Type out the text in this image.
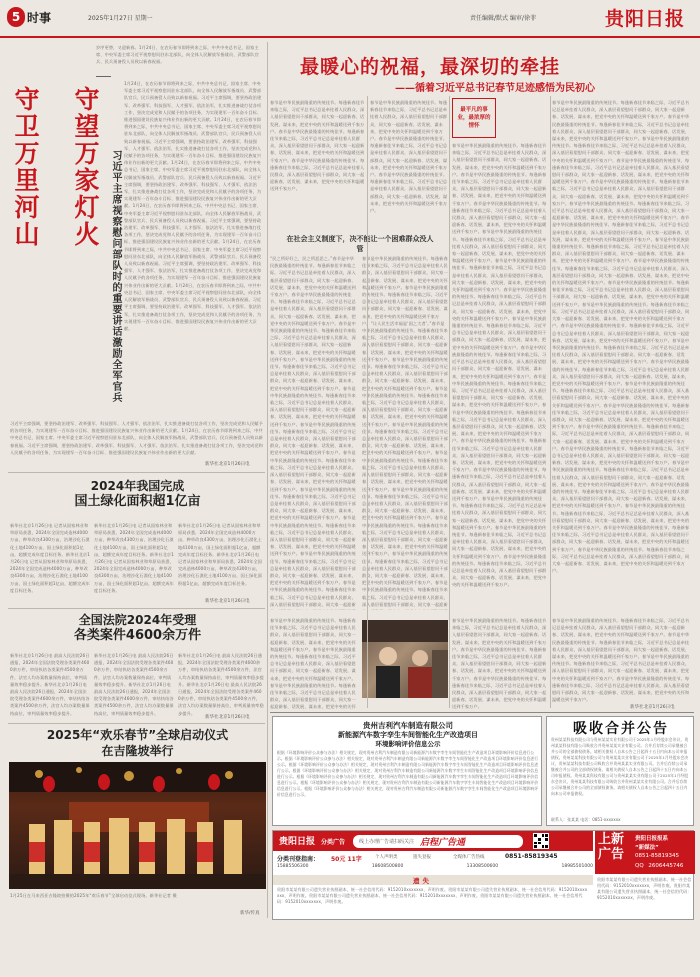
5 时事	2025年1月27日 星期一	责任编辑/默式 编审/徐菲	贵阳日报
守卫万里河山 守望万家灯火 习近平主席视察慰问部队时的重要讲话激励全军官兵
岁序更替，又迎新春。1月24日，在农历春节即将到来之际，中共中央总书记、国家主席、中央军委主席习近平视察慰问驻东北部队，向全体人民解放军指战员、武警部队官兵、民兵预备役人员致以新春祝福。
1月24日，在农历春节即将到来之际，中共中央总书记、国家主席、中央军委主席习近平视察慰问驻东北部队，向全体人民解放军指战员、武警部队官兵、民兵预备役人员致以新春祝福。习近平主席强调，要坚持政治建军、改革强军、科技强军、人才强军、依法治军，扎实推进备战打仗各项工作，坚决完成党和人民赋予的各项任务，为实现建军一百年奋斗目标、推进强国建设民族复兴伟业作出新的更大贡献。1月24日，在农历春节即将到来之际，中共中央总书记、国家主席、中央军委主席习近平视察慰问驻东北部队，向全体人民解放军指战员、武警部队官兵、民兵预备役人员致以新春祝福。习近平主席强调，要坚持政治建军、改革强军、科技强军、人才强军、依法治军，扎实推进备战打仗各项工作，坚决完成党和人民赋予的各项任务，为实现建军一百年奋斗目标、推进强国建设民族复兴伟业作出新的更大贡献。1月24日，在农历春节即将到来之际，中共中央总书记、国家主席、中央军委主席习近平视察慰问驻东北部队，向全体人民解放军指战员、武警部队官兵、民兵预备役人员致以新春祝福。习近平主席强调，要坚持政治建军、改革强军、科技强军、人才强军、依法治军，扎实推进备战打仗各项工作，坚决完成党和人民赋予的各项任务，为实现建军一百年奋斗目标、推进强国建设民族复兴伟业作出新的更大贡献。1月24日，在农历春节即将到来之际，中共中央总书记、国家主席、中央军委主席习近平视察慰问驻东北部队，向全体人民解放军指战员、武警部队官兵、民兵预备役人员致以新春祝福。习近平主席强调，要坚持政治建军、改革强军、科技强军、人才强军、依法治军，扎实推进备战打仗各项工作，坚决完成党和人民赋予的各项任务，为实现建军一百年奋斗目标、推进强国建设民族复兴伟业作出新的更大贡献。1月24日，在农历春节即将到来之际，中共中央总书记、国家主席、中央军委主席习近平视察慰问驻东北部队，向全体人民解放军指战员、武警部队官兵、民兵预备役人员致以新春祝福。习近平主席强调，要坚持政治建军、改革强军、科技强军、人才强军、依法治军，扎实推进备战打仗各项工作，坚决完成党和人民赋予的各项任务，为实现建军一百年奋斗目标、推进强国建设民族复兴伟业作出新的更大贡献。1月24日，在农历春节即将到来之际，中共中央总书记、国家主席、中央军委主席习近平视察慰问驻东北部队，向全体人民解放军指战员、武警部队官兵、民兵预备役人员致以新春祝福。习近平主席强调，要坚持政治建军、改革强军、科技强军、人才强军、依法治军，扎实推进备战打仗各项工作，坚决完成党和人民赋予的各项任务，为实现建军一百年奋斗目标、推进强国建设民族复兴伟业作出新的更大贡献。
习近平主席强调，要坚持政治建军、改革强军、科技强军、人才强军、依法治军，扎实推进备战打仗各项工作，坚决完成党和人民赋予的各项任务，为实现建军一百年奋斗目标、推进强国建设民族复兴伟业作出新的更大贡献。1月24日，在农历春节即将到来之际，中共中央总书记、国家主席、中央军委主席习近平视察慰问驻东北部队，向全体人民解放军指战员、武警部队官兵、民兵预备役人员致以新春祝福。习近平主席强调，要坚持政治建军、改革强军、科技强军、人才强军、依法治军，扎实推进备战打仗各项工作，坚决完成党和人民赋予的各项任务，为实现建军一百年奋斗目标、推进强国建设民族复兴伟业作出新的更大贡献。
新华社北京1月26日电
2024年我国完成
国土绿化面积超1亿亩
新华社北京1月26日电 记者从国家林业和草原局获悉，2024年全国完成造林4000万亩，种草改良4300万亩，治理沙化石漠化土地4100万亩，国土绿化面积超1亿亩，超额完成年度目标任务。新华社北京1月26日电 记者从国家林业和草原局获悉，2024年全国完成造林4000万亩，种草改良4300万亩，治理沙化石漠化土地4100万亩，国土绿化面积超1亿亩，超额完成年度目标任务。
新华社北京1月26日电 记者从国家林业和草原局获悉，2024年全国完成造林4000万亩，种草改良4300万亩，治理沙化石漠化土地4100万亩，国土绿化面积超1亿亩，超额完成年度目标任务。新华社北京1月26日电 记者从国家林业和草原局获悉，2024年全国完成造林4000万亩，种草改良4300万亩，治理沙化石漠化土地4100万亩，国土绿化面积超1亿亩，超额完成年度目标任务。
新华社北京1月26日电 记者从国家林业和草原局获悉，2024年全国完成造林4000万亩，种草改良4300万亩，治理沙化石漠化土地4100万亩，国土绿化面积超1亿亩，超额完成年度目标任务。新华社北京1月26日电 记者从国家林业和草原局获悉，2024年全国完成造林4000万亩，种草改良4300万亩，治理沙化石漠化土地4100万亩，国土绿化面积超1亿亩，超额完成年度目标任务。
新华社北京1月26日电
全国法院2024年受理
各类案件4600余万件
新华社北京1月26日电 最高人民法院26日通报，2024年全国法院受理各类案件4600余万件，审结执结各类案件4500余万件，法官人均办案数量保持高位，审判质量效率稳步提升。新华社北京1月26日电 最高人民法院26日通报，2024年全国法院受理各类案件4600余万件，审结执结各类案件4500余万件，法官人均办案数量保持高位，审判质量效率稳步提升。
新华社北京1月26日电 最高人民法院26日通报，2024年全国法院受理各类案件4600余万件，审结执结各类案件4500余万件，法官人均办案数量保持高位，审判质量效率稳步提升。新华社北京1月26日电 最高人民法院26日通报，2024年全国法院受理各类案件4600余万件，审结执结各类案件4500余万件，法官人均办案数量保持高位，审判质量效率稳步提升。
新华社北京1月26日电 最高人民法院26日通报，2024年全国法院受理各类案件4600余万件，审结执结各类案件4500余万件，法官人均办案数量保持高位，审判质量效率稳步提升。新华社北京1月26日电 最高人民法院26日通报，2024年全国法院受理各类案件4600余万件，审结执结各类案件4500余万件，法官人均办案数量保持高位，审判质量效率稳步提升。
新华社北京1月26日电
2025年“欢乐春节”全球启动仪式
在吉隆坡举行
1月25日在马来西亚吉隆坡拍摄的2025年“欢乐春节”全球启动仪式现场。新华社记者 摄
新华/传真
最暖心的祝福，最深切的牵挂
——循着习近平总书记春节足迹感悟为民初心
春节是中华民族最隆重的传统佳节。每逢新春佳节来临之际，习近平总书记总是牵挂着人民群众，深入基层看望慰问干部群众，同大家一起迎新春、话发展、谋未来，把党中央的关怀和温暖送到千家万户。春节是中华民族最隆重的传统佳节。每逢新春佳节来临之际，习近平总书记总是牵挂着人民群众，深入基层看望慰问干部群众，同大家一起迎新春、话发展、谋未来，把党中央的关怀和温暖送到千家万户。春节是中华民族最隆重的传统佳节。每逢新春佳节来临之际，习近平总书记总是牵挂着人民群众，深入基层看望慰问干部群众，同大家一起迎新春、话发展、谋未来，把党中央的关怀和温暖送到千家万户。
春节是中华民族最隆重的传统佳节。每逢新春佳节来临之际，习近平总书记总是牵挂着人民群众，深入基层看望慰问干部群众，同大家一起迎新春、话发展、谋未来，把党中央的关怀和温暖送到千家万户。春节是中华民族最隆重的传统佳节。每逢新春佳节来临之际，习近平总书记总是牵挂着人民群众，深入基层看望慰问干部群众，同大家一起迎新春、话发展、谋未来，把党中央的关怀和温暖送到千家万户。春节是中华民族最隆重的传统佳节。每逢新春佳节来临之际，习近平总书记总是牵挂着人民群众，深入基层看望慰问干部群众，同大家一起迎新春、话发展、谋未来，把党中央的关怀和温暖送到千家万户。
在社会主义制度下，决不能让一个困难群众没人管
“民之所好好之，民之所恶恶之。”春节是中华民族最隆重的传统佳节。每逢新春佳节来临之际，习近平总书记总是牵挂着人民群众，深入基层看望慰问干部群众，同大家一起迎新春、话发展、谋未来，把党中央的关怀和温暖送到千家万户。春节是中华民族最隆重的传统佳节。每逢新春佳节来临之际，习近平总书记总是牵挂着人民群众，深入基层看望慰问干部群众，同大家一起迎新春、话发展、谋未来，把党中央的关怀和温暖送到千家万户。春节是中华民族最隆重的传统佳节。每逢新春佳节来临之际，习近平总书记总是牵挂着人民群众，深入基层看望慰问干部群众，同大家一起迎新春、话发展、谋未来，把党中央的关怀和温暖送到千家万户。春节是中华民族最隆重的传统佳节。每逢新春佳节来临之际，习近平总书记总是牵挂着人民群众，深入基层看望慰问干部群众，同大家一起迎新春、话发展、谋未来，把党中央的关怀和温暖送到千家万户。春节是中华民族最隆重的传统佳节。每逢新春佳节来临之际，习近平总书记总是牵挂着人民群众，深入基层看望慰问干部群众，同大家一起迎新春、话发展、谋未来，把党中央的关怀和温暖送到千家万户。春节是中华民族最隆重的传统佳节。每逢新春佳节来临之际，习近平总书记总是牵挂着人民群众，深入基层看望慰问干部群众，同大家一起迎新春、话发展、谋未来，把党中央的关怀和温暖送到千家万户。春节是中华民族最隆重的传统佳节。每逢新春佳节来临之际，习近平总书记总是牵挂着人民群众，深入基层看望慰问干部群众，同大家一起迎新春、话发展、谋未来，把党中央的关怀和温暖送到千家万户。春节是中华民族最隆重的传统佳节。每逢新春佳节来临之际，习近平总书记总是牵挂着人民群众，深入基层看望慰问干部群众，同大家一起迎新春、话发展、谋未来，把党中央的关怀和温暖送到千家万户。春节是中华民族最隆重的传统佳节。每逢新春佳节来临之际，习近平总书记总是牵挂着人民群众，深入基层看望慰问干部群众，同大家一起迎新春、话发展、谋未来，把党中央的关怀和温暖送到千家万户。春节是中华民族最隆重的传统佳节。每逢新春佳节来临之际，习近平总书记总是牵挂着人民群众，深入基层看望慰问干部群众，同大家一起迎新春、话发展、谋未来，把党中央的关怀和温暖送到千家万户。春节是中华民族最隆重的传统佳节。每逢新春佳节来临之际，习近平总书记总是牵挂着人民群众，深入基层看望慰问干部群众，同大家一起迎新
春节是中华民族最隆重的传统佳节。每逢新春佳节来临之际，习近平总书记总是牵挂着人民群众，深入基层看望慰问干部群众，同大家一起迎新春、话发展、谋未来，把党中央的关怀和温暖送到千家万户。春节是中华民族最隆重的传统佳节。每逢新春佳节来临之际，习近平总书记总是牵挂着人民群众，深入基层看望慰问干部群众，同大家一起迎新春、话发展、谋未来，把党中央的关怀和温暖送到千家万户。“让人民生活幸福是‘国之大者’。”春节是中华民族最隆重的传统佳节。每逢新春佳节来临之际，习近平总书记总是牵挂着人民群众，深入基层看望慰问干部群众，同大家一起迎新春、话发展、谋未来，把党中央的关怀和温暖送到千家万户。春节是中华民族最隆重的传统佳节。每逢新春佳节来临之际，习近平总书记总是牵挂着人民群众，深入基层看望慰问干部群众，同大家一起迎新春、话发展、谋未来，把党中央的关怀和温暖送到千家万户。春节是中华民族最隆重的传统佳节。每逢新春佳节来临之际，习近平总书记总是牵挂着人民群众，深入基层看望慰问干部群众，同大家一起迎新春、话发展、谋未来，把党中央的关怀和温暖送到千家万户。春节是中华民族最隆重的传统佳节。每逢新春佳节来临之际，习近平总书记总是牵挂着人民群众，深入基层看望慰问干部群众，同大家一起迎新春、话发展、谋未来，把党中央的关怀和温暖送到千家万户。春节是中华民族最隆重的传统佳节。每逢新春佳节来临之际，习近平总书记总是牵挂着人民群众，深入基层看望慰问干部群众，同大家一起迎新春、话发展、谋未来，把党中央的关怀和温暖送到千家万户。春节是中华民族最隆重的传统佳节。每逢新春佳节来临之际，习近平总书记总是牵挂着人民群众，深入基层看望慰问干部群众，同大家一起迎新春、话发展、谋未来，把党中央的关怀和温暖送到千家万户。春节是中华民族最隆重的传统佳节。每逢新春佳节来临之际，习近平总书记总是牵挂着人民群众，深入基层看望慰问干部群众，同大家一起迎新春、话发展、谋未来，把党中央的关怀和温暖送到千家万户。春节是中华民族最隆重的传统佳节。每逢新春佳节来临之际，习近平总书记总是牵挂着人民群众，深入基层看望慰问干部群众，同大家一起迎新春、话发展、谋未来，把党中央的关怀和温暖送到千家万户。春节是中华民族最隆重的传统佳节。每逢新春佳节来临之际，习近平总书记总是牵挂着人民群众，深入基层看望慰问干部群众，同大家一起迎新
最平凡的事业，最浓厚的情怀
春节是中华民族最隆重的传统佳节。每逢新春佳节来临之际，习近平总书记总是牵挂着人民群众，深入基层看望慰问干部群众，同大家一起迎新春、话发展、谋未来，把党中央的关怀和温暖送到千家万户。春节是中华民族最隆重的传统佳节。每逢新春佳节来临之际，习近平总书记总是牵挂着人民群众，深入基层看望慰问干部群众，同大家一起迎新春、话发展、谋未来，把党中央的关怀和温暖送到千家万户。春节是中华民族最隆重的传统佳节。每逢新春佳节来临之际，习近平总书记总是牵挂着人民群众，深入基层看望慰问干部群众，同大家一起迎新春、话发展、谋未来，把党中央的关怀和温暖送到千家万户。春节是中华民族最隆重的传统佳节。每逢新春佳节来临之际，习近平总书记总是牵挂着人民群众，深入基层看望慰问干部群众，同大家一起迎新春、话发展、谋未来，把党中央的关怀和温暖送到千家万户。春节是中华民族最隆重的传统佳节。每逢新春佳节来临之际，习近平总书记总是牵挂着人民群众，深入基层看望慰问干部群众，同大家一起迎新春、话发展、谋未来，把党中央的关怀和温暖送到千家万户。春节是中华民族最隆重的传统佳节。每逢新春佳节来临之际，习近平总书记总是牵挂着人民群众，深入基层看望慰问干部群众，同大家一起迎新春、话发展、谋未来，把党中央的关怀和温暖送到千家万户。春节是中华民族最隆重的传统佳节。每逢新春佳节来临之际，习近平总书记总是牵挂着人民群众，深入基层看望慰问干部群众，同大家一起迎新春、话发展、谋未来，把党中央的关怀和温暖送到千家万户。春节是中华民族最隆重的传统佳节。每逢新春佳节来临之际，习近平总书记总是牵挂着人民群众，深入基层看望慰问干部群众，同大家一起迎新春、话发展、谋未来，把党中央的关怀和温暖送到千家万户。春节是中华民族最隆重的传统佳节。每逢新春佳节来临之际，习近平总书记总是牵挂着人民群众，深入基层看望慰问干部群众，同大家一起迎新春、话发展、谋未来，把党中央的关怀和温暖送到千家万户。春节是中华民族最隆重的传统佳节。每逢新春佳节来临之际，习近平总书记总是牵挂着人民群众，深入基层看望慰问干部群众，同大家一起迎新春、话发展、谋未来，把党中央的关怀和温暖送到千家万户。春节是中华民族最隆重的传统佳节。每逢新春佳节来临之际，习近平总书记总是牵挂着人民群众，深入基层看望慰问干部群众，同大家一起迎新春、话发展、谋未来，把党中央的关怀和温暖送到千家万户。春节是中华民族最隆重的传统佳节。每逢新春佳节来临之际，习近平总书记总是牵挂着人民群众，深入基层看望慰问干部群众，同大家一起迎新春、话发展、谋未来，把党中央的关怀和温暖送到千家万户。春节是中华民族最隆重的传统佳节。每逢新春佳节来临之际，习近平总书记总是牵挂着人民群众，深入基层看望慰问干部群众，同大家一起迎新春、话发展、谋未来，把党中央的关怀和温暖送到千家万户。春节是中华民族最隆重的传统佳节。每逢新春佳节来临之际，习近平总书记总是牵挂着人民群众，深入基层看望慰问干部群众，同大家一起迎新春、话发展、谋未来，把党中央的关怀和温暖送到千家万户。春节是中华民族最隆重的传统佳节。每逢新春佳节来临之际，习近平总书记总是牵挂着人民群众，深入基层看望慰问干部群众，同大家一起迎新春、话发展、谋未来，把党中央的关怀和温暖送到千家万户。
春节是中华民族最隆重的传统佳节。每逢新春佳节来临之际，习近平总书记总是牵挂着人民群众，深入基层看望慰问干部群众，同大家一起迎新春、话发展、谋未来，把党中央的关怀和温暖送到千家万户。春节是中华民族最隆重的传统佳节。每逢新春佳节来临之际，习近平总书记总是牵挂着人民群众，深入基层看望慰问干部群众，同大家一起迎新春、话发展、谋未来，把党中央的关怀和温暖送到千家万户。春节是中华民族最隆重的传统佳节。每逢新春佳节来临之际，习近平总书记总是牵挂着人民群众，深入基层看望慰问干部群众，同大家一起迎新春、话发展、谋未来，把党中央的关怀和温暖送到千家万户。春节是中华民族最隆重的传统佳节。每逢新春佳节来临之际，习近平总书记总是牵挂着人民群众，深入基层看望慰问干部群众，同大家一起迎新春、话发展、谋未来，把党中央的关怀和温暖送到千家万户。春节是中华民族最隆重的传统佳节。每逢新春佳节来临之际，习近平总书记总是牵挂着人民群众，深入基层看望慰问干部群众，同大家一起迎新春、话发展、谋未来，把党中央的关怀和温暖送到千家万户。春节是中华民族最隆重的传统佳节。每逢新春佳节来临之际，习近平总书记总是牵挂着人民群众，深入基层看望慰问干部群众，同大家一起迎新春、话发展、谋未来，把党中央的关怀和温暖送到千家万户。春节是中华民族最隆重的传统佳节。每逢新春佳节来临之际，习近平总书记总是牵挂着人民群众，深入基层看望慰问干部群众，同大家一起迎新春、话发展、谋未来，把党中央的关怀和温暖送到千家万户。春节是中华民族最隆重的传统佳节。每逢新春佳节来临之际，习近平总书记总是牵挂着人民群众，深入基层看望慰问干部群众，同大家一起迎新春、话发展、谋未来，把党中央的关怀和温暖送到千家万户。春节是中华民族最隆重的传统佳节。每逢新春佳节来临之际，习近平总书记总是牵挂着人民群众，深入基层看望慰问干部群众，同大家一起迎新春、话发展、谋未来，把党中央的关怀和温暖送到千家万户。春节是中华民族最隆重的传统佳节。每逢新春佳节来临之际，习近平总书记总是牵挂着人民群众，深入基层看望慰问干部群众，同大家一起迎新春、话发展、谋未来，把党中央的关怀和温暖送到千家万户。春节是中华民族最隆重的传统佳节。每逢新春佳节来临之际，习近平总书记总是牵挂着人民群众，深入基层看望慰问干部群众，同大家一起迎新春、话发展、谋未来，把党中央的关怀和温暖送到千家万户。春节是中华民族最隆重的传统佳节。每逢新春佳节来临之际，习近平总书记总是牵挂着人民群众，深入基层看望慰问干部群众，同大家一起迎新春、话发展、谋未来，把党中央的关怀和温暖送到千家万户。春节是中华民族最隆重的传统佳节。每逢新春佳节来临之际，习近平总书记总是牵挂着人民群众，深入基层看望慰问干部群众，同大家一起迎新春、话发展、谋未来，把党中央的关怀和温暖送到千家万户。春节是中华民族最隆重的传统佳节。每逢新春佳节来临之际，习近平总书记总是牵挂着人民群众，深入基层看望慰问干部群众，同大家一起迎新春、话发展、谋未来，把党中央的关怀和温暖送到千家万户。春节是中华民族最隆重的传统佳节。每逢新春佳节来临之际，习近平总书记总是牵挂着人民群众，深入基层看望慰问干部群众，同大家一起迎新春、话发展、谋未来，把党中央的关怀和温暖送到千家万户。春节是中华民族最隆重的传统佳节。每逢新春佳节来临之际，习近平总书记总是牵挂着人民群众，深入基层看望慰问干部群众，同大家一起迎新春、话发展、谋未来，把党中央的关怀和温暖送到千家万户。春节是中华民族最隆重的传统佳节。每逢新春佳节来临之际，习近平总书记总是牵挂着人民群众，深入基层看望慰问干部群众，同大家一起迎新春、话发展、谋未来，把党中央的关怀和温暖送到千家万户。春节是中华民族最隆重的传统佳节。每逢新春佳节来临之际，习近平总书记总是牵挂着人民群众，深入基层看望慰问干部群众，同大家一起迎新春、话发展、谋未来，把党中央的关怀和温暖送到千家万户。春节是中华民族最隆重的传统佳节。每逢新春佳节来临之际，习近平总书记总是牵挂着人民群众，深入基层看望慰问干部群众，同大家一起迎新春、话发展、谋未来，把党中央的关怀和温暖送到千家万户。春节是中华民族最隆重的传统佳节。每逢新春佳节来临之际，习近平总书记总是牵挂着人民群众，深入基层看望慰问干部群众，同大家一起迎新春、话发展、谋未来，把党中央的关怀和温暖送到千家万户。春节是中华民族最隆重的传统佳节。每逢新春佳节来临之际，习近平总书记总是牵挂着人民群众，深入基层看望慰问干部群众，同大家一起迎新春、话发展、谋未来，把党中央的关怀和温暖送到千家万户。春节是中华民族最隆重的传统佳节。每逢新春佳节来临之际，习近平总书记总是牵挂着人民群众，深入基层看望慰问干部群众，同大家一起迎新春、话发展、谋未来，把党中央的关怀和温暖送到千家万户。春节是中华民族最隆重的传统佳节。每逢新春佳节来临之际，习近平总书记总是牵挂着人民群众，深入基层看望慰问干部群众，同大家一起迎新春、话发展、谋未来，把党中央的关怀和温暖送到千家万户。
春节是中华民族最隆重的传统佳节。每逢新春佳节来临之际，习近平总书记总是牵挂着人民群众，深入基层看望慰问干部群众，同大家一起迎新春、话发展、谋未来，把党中央的关怀和温暖送到千家万户。春节是中华民族最隆重的传统佳节。每逢新春佳节来临之际，习近平总书记总是牵挂着人民群众，深入基层看望慰问干部群众，同大家一起迎新春、话发展、谋未来，把党中央的关怀和温暖送到千家万户。春节是中华民族最隆重的传统佳节。每逢新春佳节来临之际，习近平总书记总是牵挂着人民群众，深入基层看望慰问干部群众，同大家一起迎新春、话发展、谋未来，把党中央的关怀
春节是中华民族最隆重的传统佳节。每逢新春佳节来临之际，习近平总书记总是牵挂着人民群众，深入基层看望慰问干部群众，同大家一起迎新春、话发展、谋未来，把党中央的关怀和温暖送到千家万户。春节是中华民族最隆重的传统佳节。每逢新春佳节来临之际，习近平总书记总是牵挂着人民群众，深入基层看望慰问干部群众，同大家一起迎新春、话发展、谋未来，把党中央的关怀和温暖送到千家万户。春节是中华民族最隆重的传统佳节。每逢新春佳节来临之际，习近平总书记总是牵挂着人民群众，深入基层看望慰问干部群众，同大家一起迎新春、话发展、谋未来，把党中央的关怀和温暖送到千家万户。
春节是中华民族最隆重的传统佳节。每逢新春佳节来临之际，习近平总书记总是牵挂着人民群众，深入基层看望慰问干部群众，同大家一起迎新春、话发展、谋未来，把党中央的关怀和温暖送到千家万户。春节是中华民族最隆重的传统佳节。每逢新春佳节来临之际，习近平总书记总是牵挂着人民群众，深入基层看望慰问干部群众，同大家一起迎新春、话发展、谋未来，把党中央的关怀和温暖送到千家万户。春节是中华民族最隆重的传统佳节。每逢新春佳节来临之际，习近平总书记总是牵挂着人民群众，深入基层看望慰问干部群众，同大家一起迎新春、话发展、谋未来，把党中央的关怀和温暖送到千家万户。春节是中华民族最隆重的传统佳节。每逢新春佳节来临之际，习近平总书记总是牵挂着人民群众，深入基层看望慰问干部群众，同大家一起迎新春、话发展、谋未来，把党中央的关怀和温暖送到千家万户。
新华社北京1月26日电
贵州吉利汽车制造有限公司
新能源汽车数字孪生车间智能化生产改造项目
环境影响评价信息公示
根据《环境影响评价公众参与办法》相关规定，现对贵州吉利汽车制造有限公司新能源汽车数字孪生车间智能化生产改造项目环境影响评价信息进行公示。根据《环境影响评价公众参与办法》相关规定，现对贵州吉利汽车制造有限公司新能源汽车数字孪生车间智能化生产改造项目环境影响评价信息进行公示。根据《环境影响评价公众参与办法》相关规定，现对贵州吉利汽车制造有限公司新能源汽车数字孪生车间智能化生产改造项目环境影响评价信息进行公示。根据《环境影响评价公众参与办法》相关规定，现对贵州吉利汽车制造有限公司新能源汽车数字孪生车间智能化生产改造项目环境影响评价信息进行公示。根据《环境影响评价公众参与办法》相关规定，现对贵州吉利汽车制造有限公司新能源汽车数字孪生车间智能化生产改造项目环境影响评价信息进行公示。根据《环境影响评价公众参与办法》相关规定，现对贵州吉利汽车制造有限公司新能源汽车数字孪生车间智能化生产改造项目环境影响评价信息进行公示。根据《环境影响评价公众参与办法》相关规定，现对贵州吉利汽车制造有限公司新能源汽车数字孪生车间智能化生产改造项目环境影响评价信息进行公示。
吸收合并公告
贵州某某科技有限公司与贵州某某实业有限公司于2025年1月经股东会决议，贵州某某科技有限公司吸收合并贵州某某实业有限公司。合并后存续公司承继被合并公司的全部债权债务。请相关债权人自本公告之日起四十五日内向本公司申报债权。贵州某某科技有限公司与贵州某某实业有限公司于2025年1月经股东会决议，贵州某某科技有限公司吸收合并贵州某某实业有限公司。合并后存续公司承继被合并公司的全部债权债务。请相关债权人自本公告之日起四十五日内向本公司申报债权。贵州某某科技有限公司与贵州某某实业有限公司于2025年1月经股东会决议，贵州某某科技有限公司吸收合并贵州某某实业有限公司。合并后存续公司承继被合并公司的全部债权债务。请相关债权人自本公告之日起四十五日内向本公司申报债权。
联系人：张某某 电话：0851-xxxxxxx
贵阳日报 分类广告	线上办理广告请扫码关注 启程广告通
分类刊登指南： 50元 11字	个人声明类	遗失登报	全媒体广告热线	0851-85819345
15885506300	18608500800	13308500600	18985501000
遗失
贵阳市某某有限公司遗失营业执照副本，统一社会信用代码：9152010xxxxxxx，声明作废。贵阳市某某有限公司遗失营业执照副本，统一社会信用代码：9152010xxxxxxx，声明作废。贵阳市某某有限公司遗失营业执照副本，统一社会信用代码：9152010xxxxxxx，声明作废。贵阳市某某有限公司遗失营业执照副本，统一社会信用代码：9152010xxxxxxx，声明作废。
上新
广告
贵阳日报报系
“新媒法”
0851-85819345
QQ 2606445746
贵阳市某某有限公司遗失营业执照副本，统一社会信用代码：9152010xxxxxxx，声明作废。贵阳市某某有限公司遗失营业执照副本，统一社会信用代码：9152010xxxxxxx，声明作废。
